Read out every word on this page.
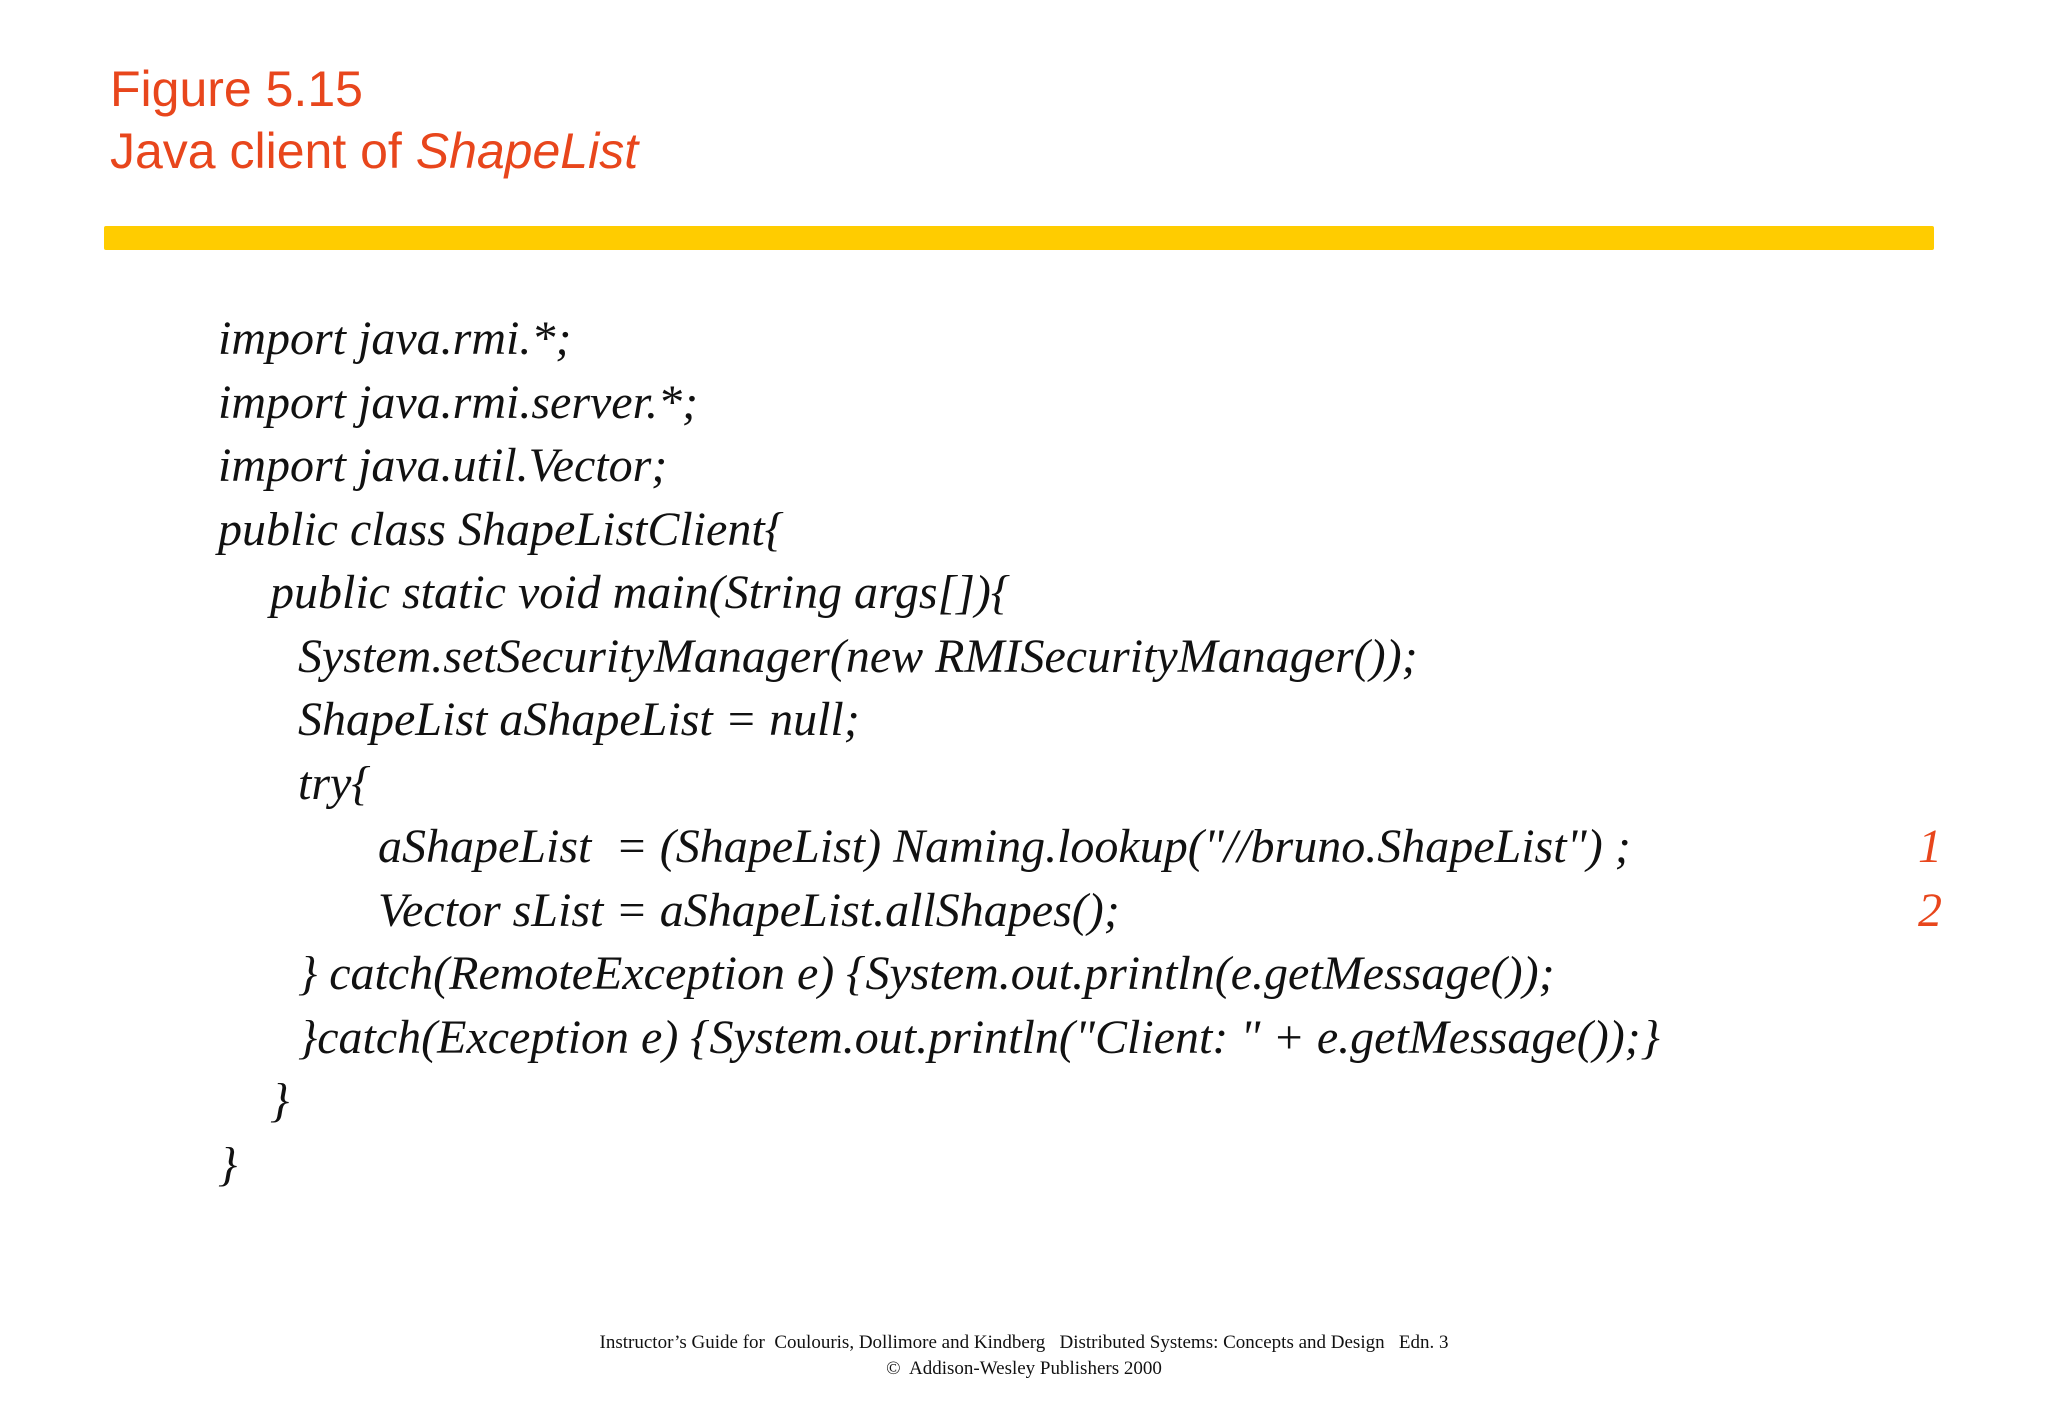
Figure 5.15
Java client of ShapeList
import java.rmi.*;
import java.rmi.server.*;
import java.util.Vector;
public class ShapeListClient{
public static void main(String args[]){
System.setSecurityManager(new RMISecurityManager());
ShapeList aShapeList = null;
try{
aShapeList  = (ShapeList) Naming.lookup("//bruno.ShapeList") ;	1
Vector sList = aShapeList.allShapes();	2
} catch(RemoteException e) {System.out.println(e.getMessage());
}catch(Exception e) {System.out.println("Client: " + e.getMessage());}
}
}
Instructor’s Guide for  Coulouris, Dollimore and Kindberg   Distributed Systems: Concepts and Design   Edn. 3
©  Addison-Wesley Publishers 2000
